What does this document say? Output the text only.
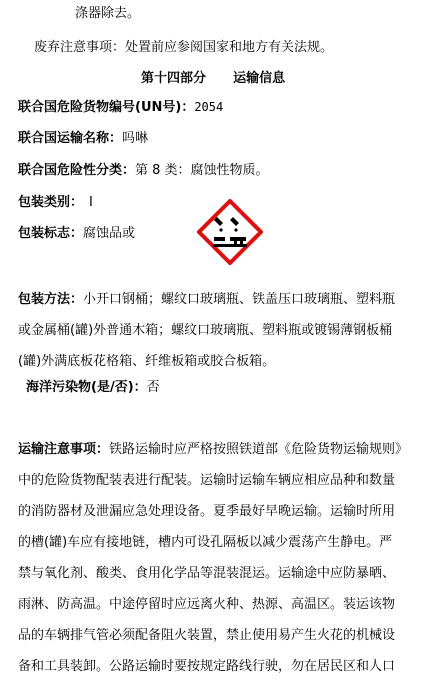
涤器除去。
废弃注意事项：处置前应参阅国家和地方有关法规。
第十四部分 运输信息
联合国危险货物编号(UN号)：2054
联合国运输名称：吗啉
联合国危险性分类：第 8 类：腐蚀性物质。
包装类别： I
包装标志：腐蚀品或
包装方法：小开口钢桶；螺纹口玻璃瓶、铁盖压口玻璃瓶、塑料瓶
或金属桶(罐)外普通木箱；螺纹口玻璃瓶、塑料瓶或镀锡薄钢板桶
(罐)外满底板花格箱、纤维板箱或胶合板箱。
海洋污染物(是/否)：否
运输注意事项：铁路运输时应严格按照铁道部《危险货物运输规则》
中的危险货物配装表进行配装。运输时运输车辆应相应品种和数量
的消防器材及泄漏应急处理设备。夏季最好早晚运输。运输时所用
的槽(罐)车应有接地链，槽内可设孔隔板以减少震荡产生静电。严
禁与氧化剂、酸类、食用化学品等混装混运。运输途中应防暴晒、
雨淋、防高温。中途停留时应远离火种、热源、高温区。装运该物
品的车辆排气管必须配备阻火装置，禁止使用易产生火花的机械设
备和工具装卸。公路运输时要按规定路线行驶，勿在居民区和人口
